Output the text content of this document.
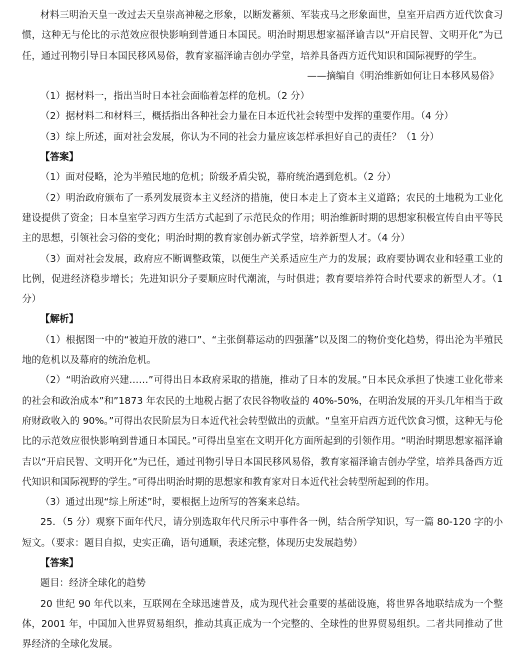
材料三明治天皇一改过去天皇崇高神秘之形象，以断发蓄须、军装戎马之形象面世，皇室开启西方近代饮食习惯，这种无与伦比的示范效应很快影响到普通日本国民。明治时期思想家福泽谕吉以“开启民智、文明开化”为已任，通过刊物引导日本国民移风易俗，教育家福泽谕吉创办学堂，培养具备西方近代知识和国际视野的学生。

——摘编自《明治维新如何让日本移风易俗》

（1）据材料一，指出当时日本社会面临着怎样的危机。（2 分）

（2）据材料二和材料三，概括指出各种社会力量在日本近代社会转型中发挥的重要作用。（4 分）

（3）综上所述，面对社会发展，你认为不同的社会力量应该怎样承担好自己的责任？（1 分）

【答案】

（1）面对侵略，沦为半殖民地的危机；阶级矛盾尖锐，幕府统治遇到危机。（2 分）

（2）明治政府颁布了一系列发展资本主义经济的措施，使日本走上了资本主义道路；农民的土地税为工业化建设提供了资金；日本皇室学习西方生活方式起到了示范民众的作用；明治维新时期的思想家积极宣传自由平等民主的思想，引领社会习俗的变化；明治时期的教育家创办新式学堂，培养新型人才。（4 分）

（3）面对社会发展，政府应不断调整政策，以便生产关系适应生产力的发展；政府要协调农业和轻重工业的比例，促进经济稳步增长；先进知识分子要顺应时代潮流，与时俱进；教育要培养符合时代要求的新型人才。（1 分）

【解析】

（1）根据图一中的“被迫开放的港口”、“主张倒幕运动的四强藩”以及图二的物价变化趋势，得出沦为半殖民地的危机以及幕府的统治危机。

（2）“明治政府兴建……”可得出日本政府采取的措施，推动了日本的发展。”日本民众承担了快速工业化带来的社会和政治成本”和”1873 年农民的土地税占据了农民谷物收益的 40%-50%，在明治发展的开头几年相当于政府财政收入的 90%。”可得出农民阶层为日本近代社会转型做出的贡献。“皇室开启西方近代饮食习惯，这种无与伦比的示范效应很快影响到普通日本国民。”可得出皇室在文明开化方面所起到的引领作用。“明治时期思想家福泽谕吉以“开启民智、文明开化”为已任，通过刊物引导日本国民移风易俗，教育家福泽谕吉创办学堂，培养具备西方近代知识和国际视野的学生。”可得出明治时期的思想家和教育家对日本近代社会转型所起到的作用。

（3）通过出现“综上所述”时，要根据上边所写的答案来总结。

25．（5 分）观察下面年代尺，请分别选取年代尺所示中事件各一例，结合所学知识，写一篇 80-120 字的小短文。（要求：题目自拟，史实正确，语句通顺，表述完整，体现历史发展趋势）

【答案】

题目：经济全球化的趋势

20 世纪 90 年代以来，互联网在全球迅速普及，成为现代社会重要的基础设施，将世界各地联结成为一个整体，2001 年，中国加入世界贸易组织，推动其真正成为一个完整的、全球性的世界贸易组织。二者共同推动了世界经济的全球化发展。
